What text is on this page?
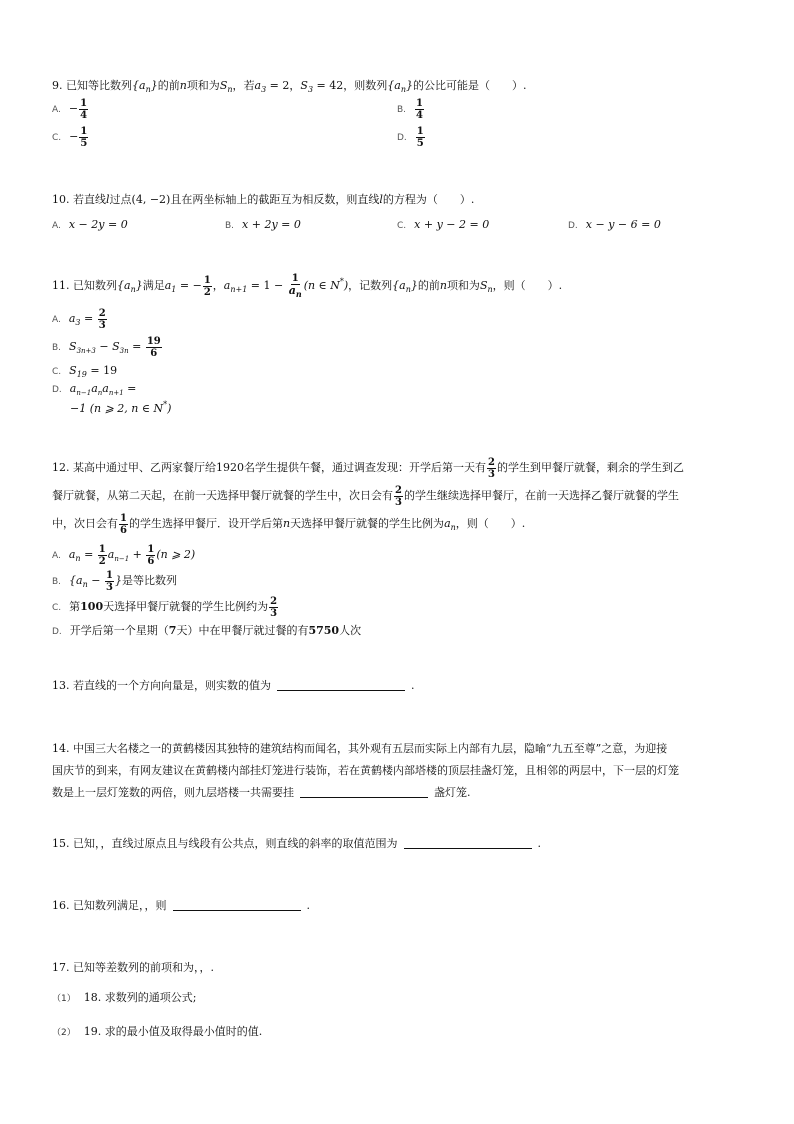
9. 已知等比数列$\{a_n\}$的前n项和为$S_n$，若$a_3 = 2$，$S_3 = 42$，则数列$\{a_n\}$的公比可能是（　　）.
A. − $\frac{1}{4}$	B. $\frac{1}{4}$
C. − $\frac{1}{5}$	D. $\frac{1}{5}$
10. 若直线l过点(4, −2)且在两坐标轴上的截距互为相反数，则直线l的方程为（　　）.
A. x − 2y = 0	B. x + 2y = 0	C. x + y − 2 = 0	D. x − y − 6 = 0
11. 已知数列$\{a_n\}$满足$a_1$ = − $\frac{1}{2}$ ，$a_{n+1} = 1 - \frac{1}{a_n} (n$ ∈ N*)，记数列$\{a_n\}$的前n项和为$S_n$，则（　　）.
A. $a_3 = \frac{2}{3}$
B. $S_{3n+3} - S_{3n} = \frac{19}{6}$
C. $S_{19} = 19$
D. $a_{n-1}a_na_{n+1}$ =
−1 (n ⩾ 2, n ∈ N*)
12. 某高中通过甲、乙两家餐厅给1920名学生提供午餐，通过调查发现：开学后第一天有 $\frac{2}{3}$ 的学生到甲餐厅就餐，剩余的学生到乙
餐厅就餐，从第二天起，在前一天选择甲餐厅就餐的学生中，次日会有 $\frac{2}{3}$ 的学生继续选择甲餐厅，在前一天选择乙餐厅就餐的学生
中，次日会有 $\frac{1}{6}$ 的学生选择甲餐厅．设开学后第n天选择甲餐厅就餐的学生比例为$a_n$，则（　　）.
A. $a_n = \frac{1}{2} a_{n-1} + \frac{1}{6} (n$ ⩾ 2)
B. {$a_n - \frac{1}{3}$ }是等比数列
C. 第100天选择甲餐厅就餐的学生比例约为 $\frac{2}{3}$
D. 开学后第一个星期（7天）中在甲餐厅就过餐的有5750人次
13. 若直线的一个方向向量是，则实数的值为	.
14. 中国三大名楼之一的黄鹤楼因其独特的建筑结构而闻名，其外观有五层而实际上内部有九层，隐喻“九五至尊”之意，为迎接
国庆节的到来，有网友建议在黄鹤楼内部挂灯笼进行装饰，若在黄鹤楼内部塔楼的顶层挂盏灯笼，且相邻的两层中，下一层的灯笼
数是上一层灯笼数的两倍，则九层塔楼一共需要挂	盏灯笼.
15. 已知，，直线过原点且与线段有公共点，则直线的斜率的取值范围为	.
16. 已知数列满足，，则	.
17. 已知等差数列的前项和为，，.
（1） 18. 求数列的通项公式;
（2） 19. 求的最小值及取得最小值时的值.
